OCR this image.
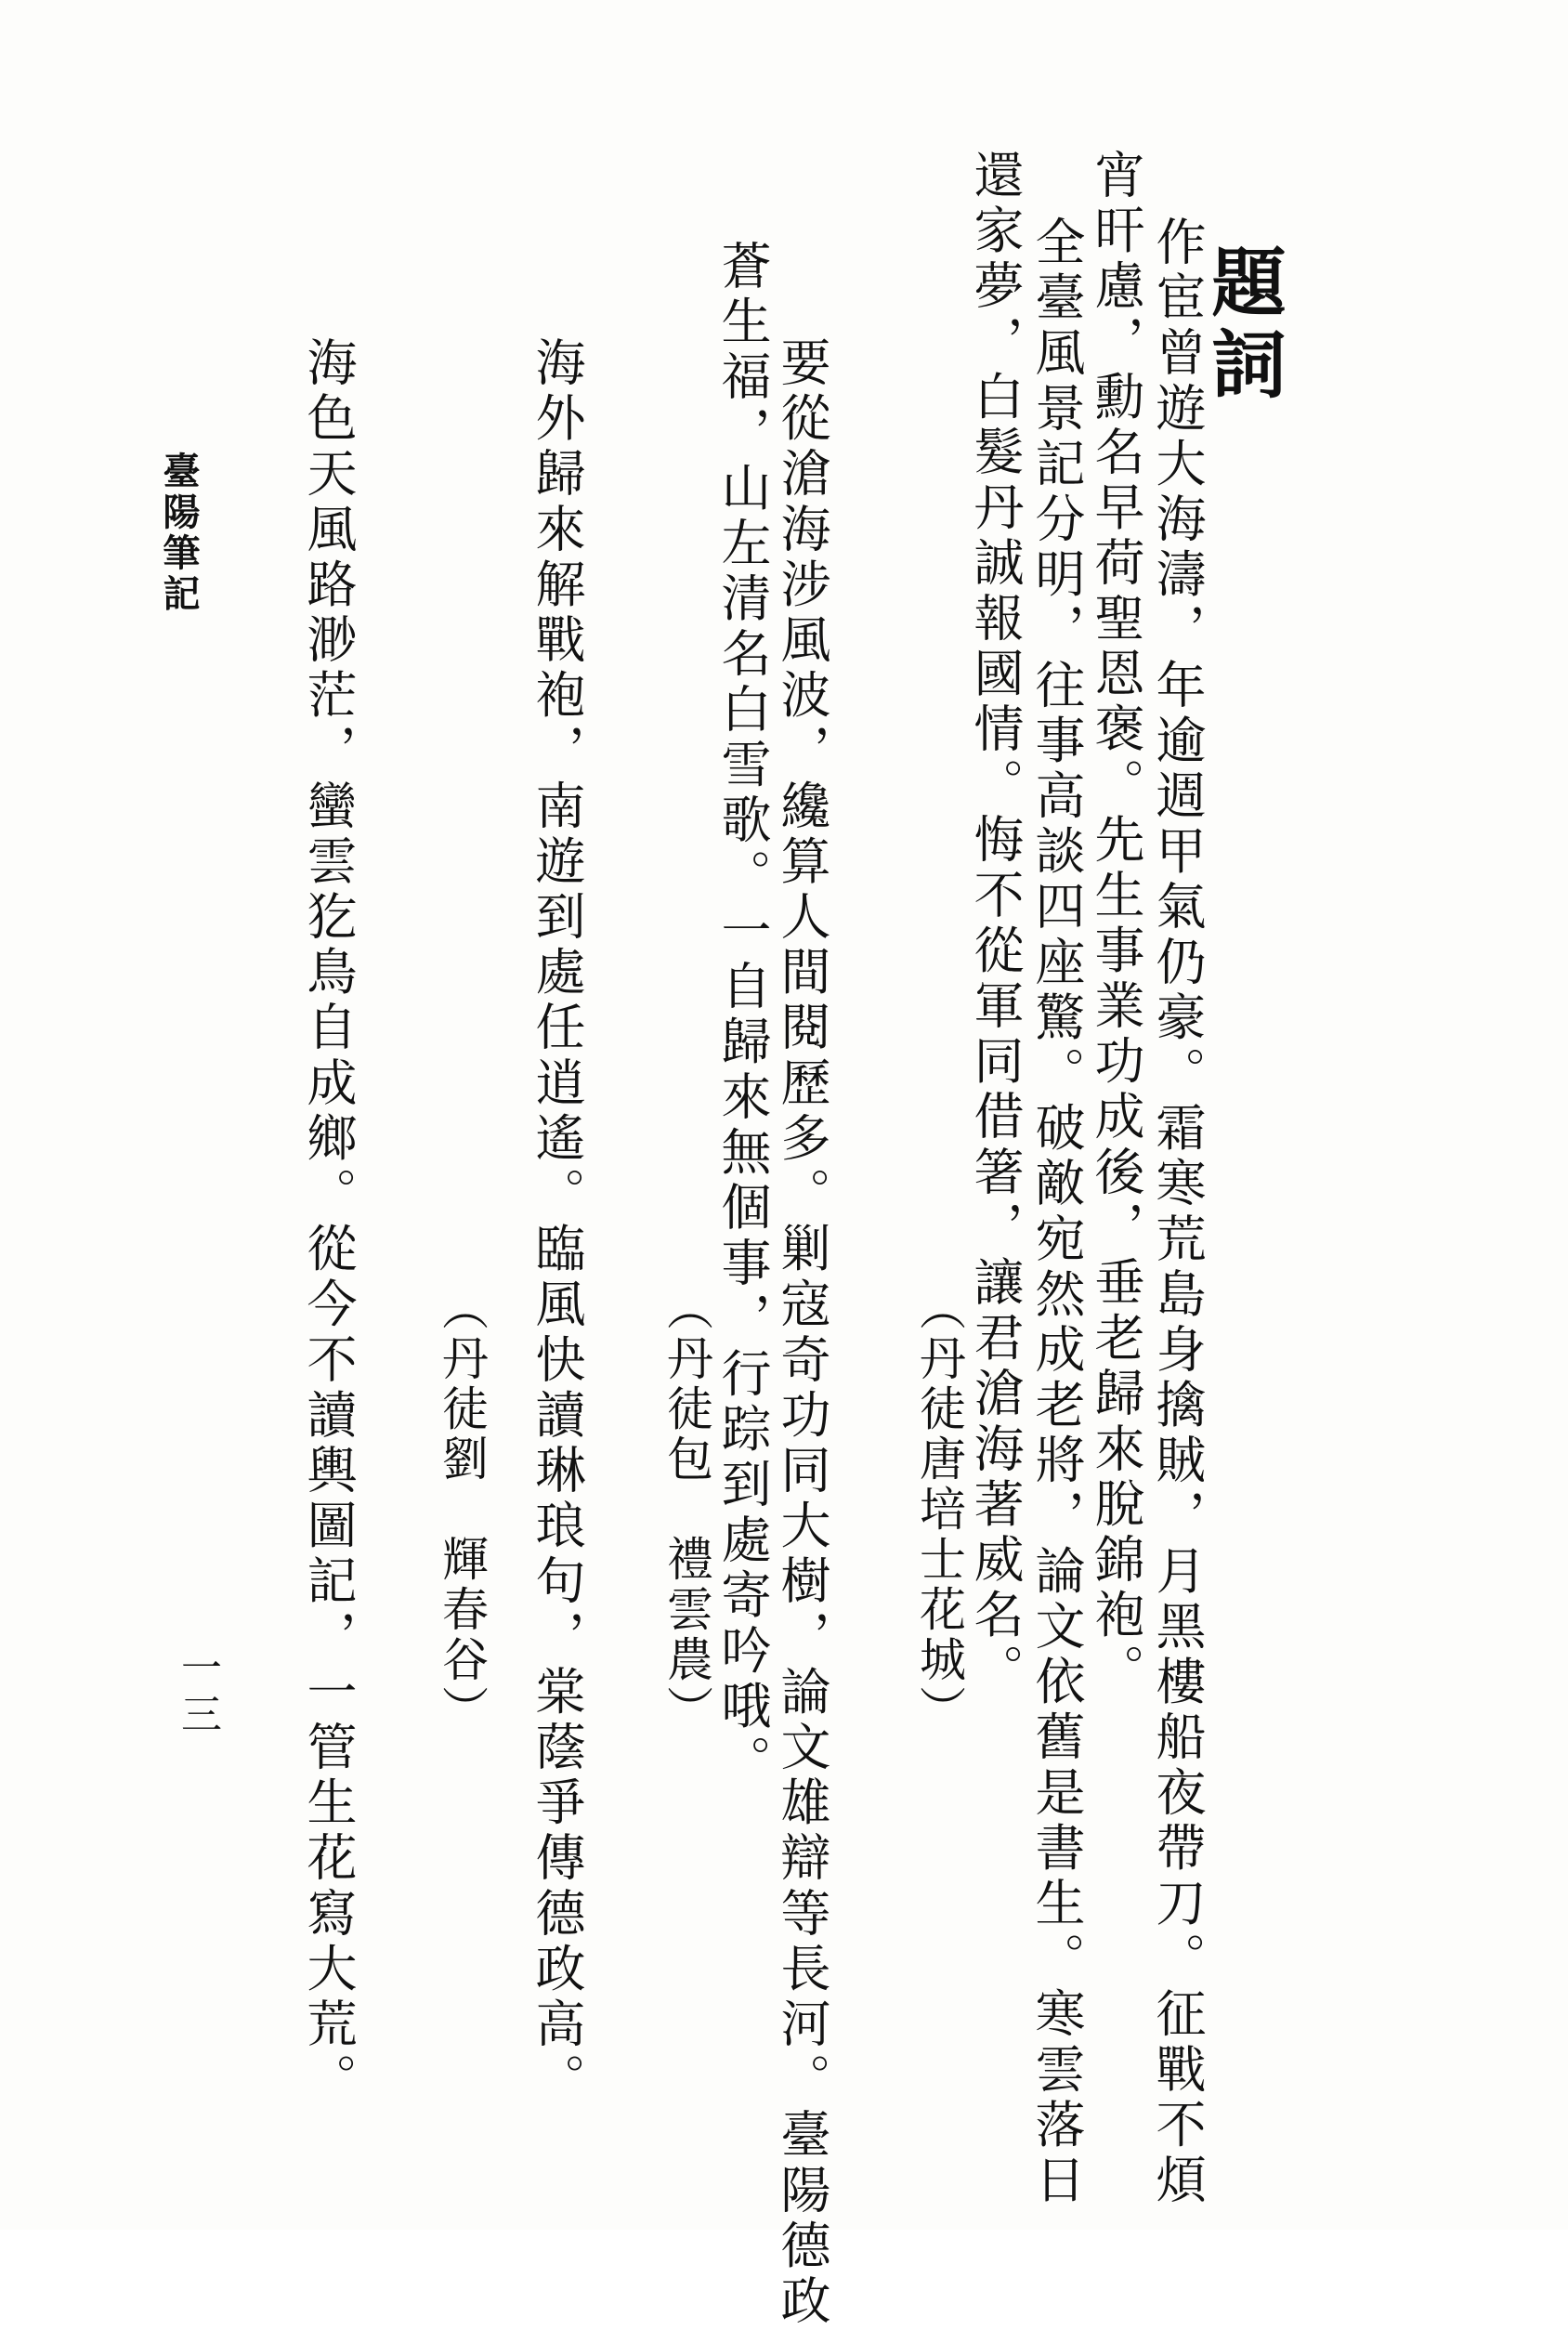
題詞
作宦曾遊大海濤，年逾週甲氣仍豪。霜寒荒島身擒賊，月黑樓船夜帶刀。征戰不煩
宵旰慮，勳名早荷聖恩褒。先生事業功成後，垂老歸來脫錦袍。
全臺風景記分明，往事高談四座驚。破敵宛然成老將，論文依舊是書生。寒雲落日
還家夢，白髮丹誠報國情。悔不從軍同借箸，讓君滄海著威名。
（丹徒唐培士花城）
要從滄海涉風波，纔算人間閱歷多。剿寇奇功同大樹，論文雄辯等長河。臺陽德政
蒼生福，山左清名白雪歌。一自歸來無個事，行踪到處寄吟哦。
（丹徒包　禮雲農）
海外歸來解戰袍，南遊到處任逍遙。臨風快讀琳琅句，棠蔭爭傳德政高。
（丹徒劉　輝春谷）
海色天風路渺茫，蠻雲犵鳥自成鄉。從今不讀輿圖記，一管生花寫大荒。
臺陽筆記
一三
